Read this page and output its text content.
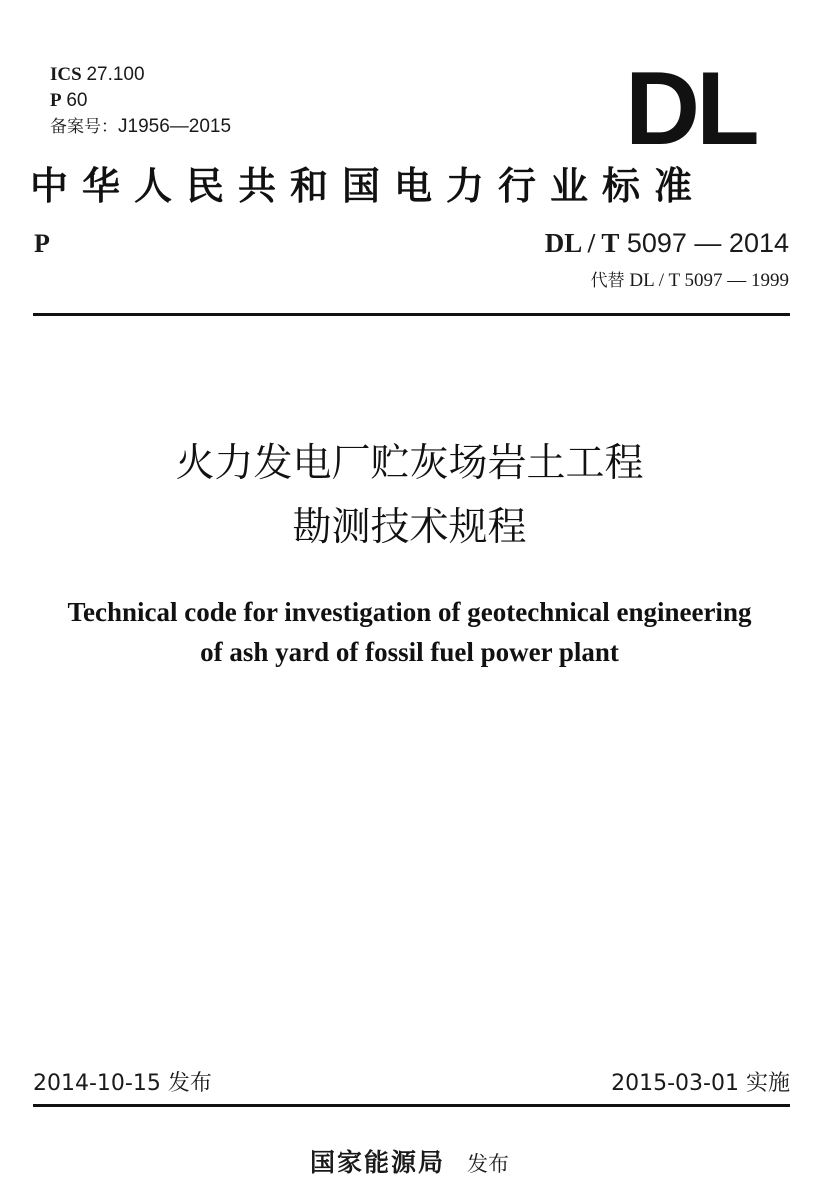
ICS 27.100
P 60
备案号：J1956—2015	DL
中华人民共和国电力行业标准
P	DL / T 5097 — 2014
代替 DL / T 5097 — 1999
火力发电厂贮灰场岩土工程
勘测技术规程
Technical code for investigation of geotechnical engineering
of ash yard of fossil fuel power plant
2014-10-15 发布	2015-03-01 实施
国家能源局 发布
